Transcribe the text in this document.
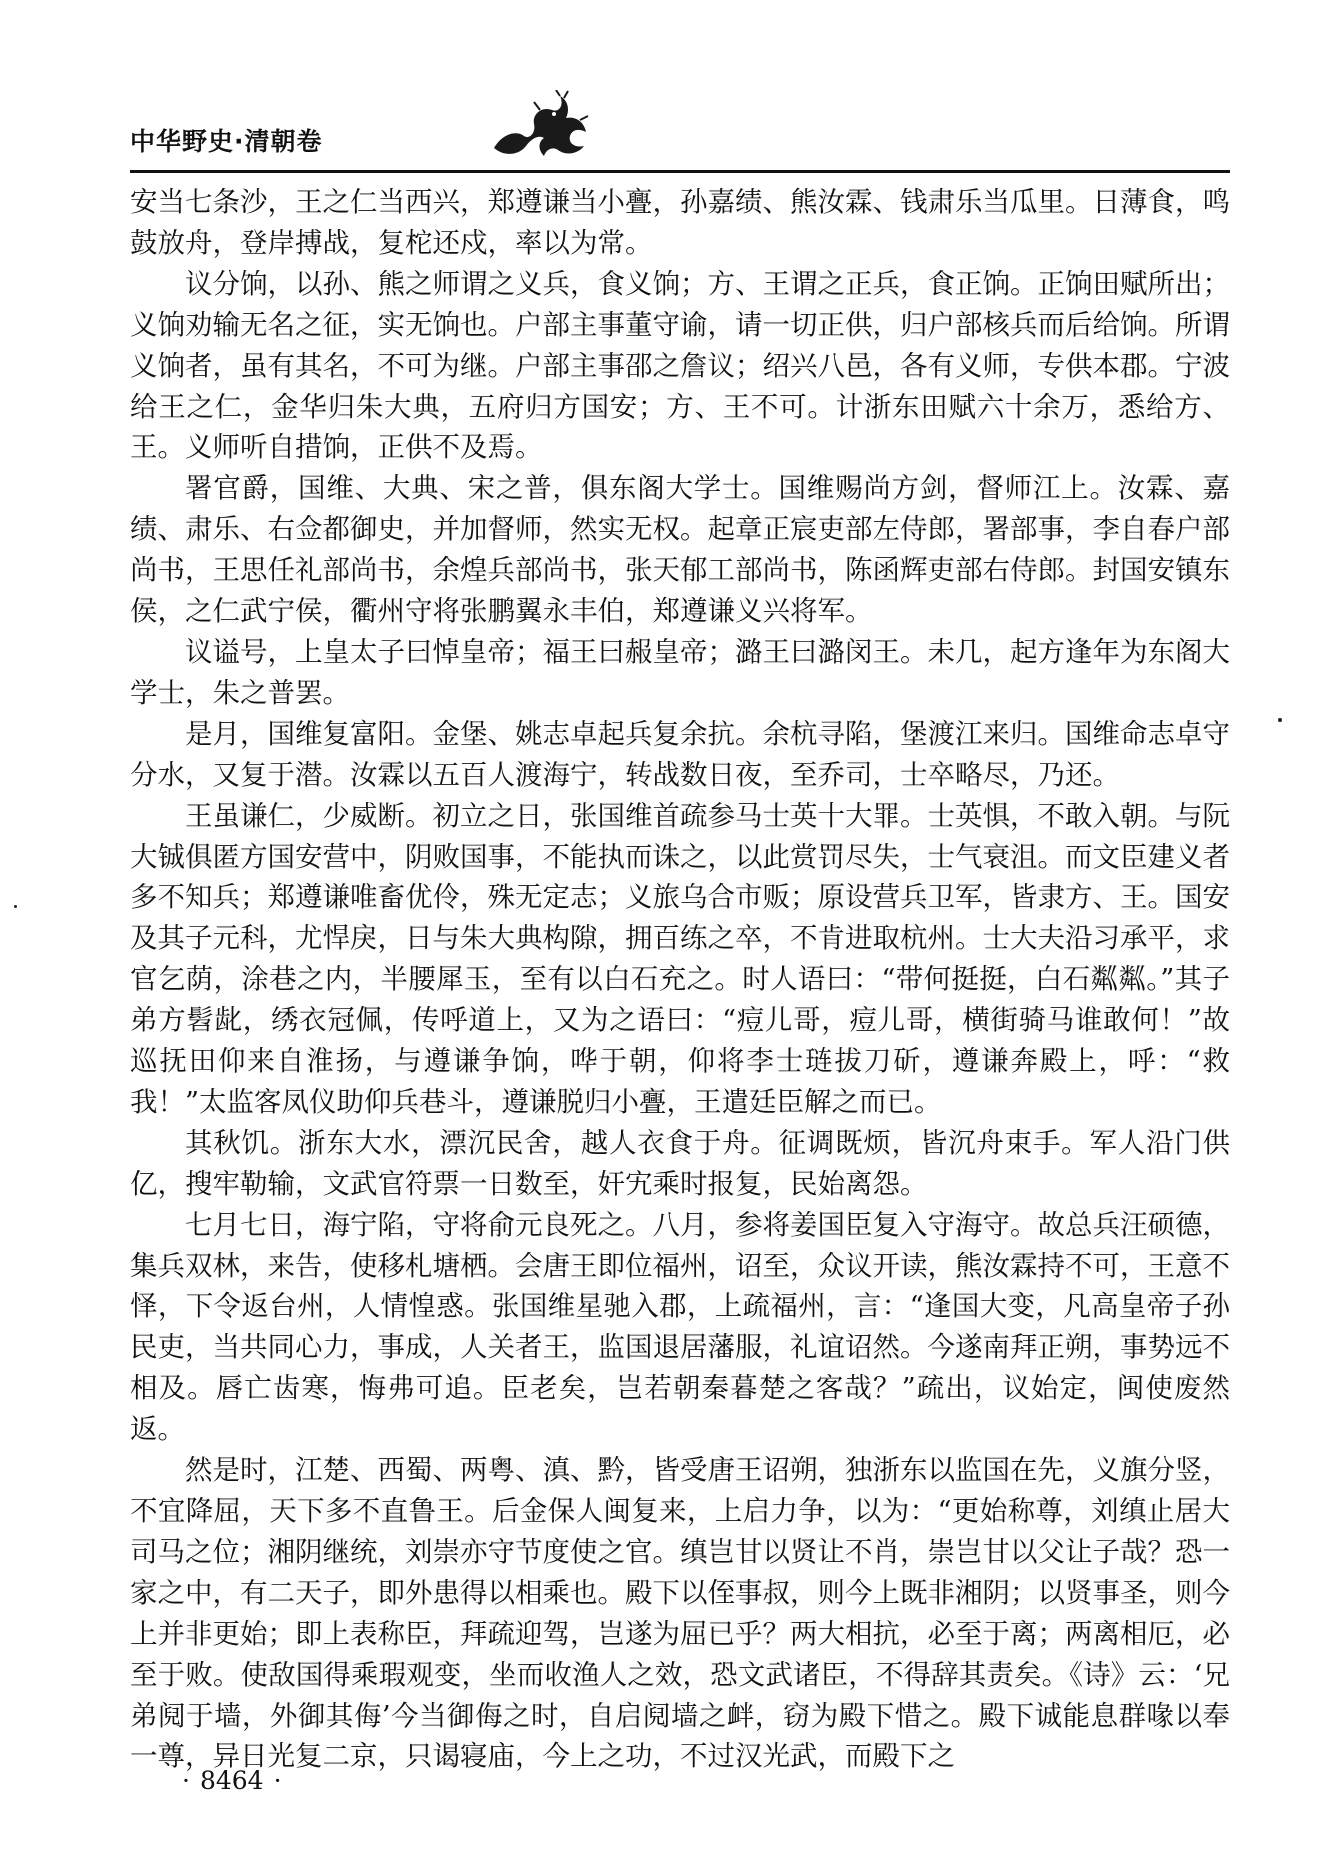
中华野史·清朝卷

安当七条沙，王之仁当西兴，郑遵谦当小亹，孙嘉绩、熊汝霖、钱肃乐当瓜里。日薄食，鸣鼓放舟，登岸搏战，复柁还戍，率以为常。

议分饷，以孙、熊之师谓之义兵，食义饷；方、王谓之正兵，食正饷。正饷田赋所出；义饷劝输无名之征，实无饷也。户部主事董守谕，请一切正供，归户部核兵而后给饷。所谓义饷者，虽有其名，不可为继。户部主事邵之詹议；绍兴八邑，各有义师，专供本郡。宁波给王之仁，金华归朱大典，五府归方国安；方、王不可。计浙东田赋六十余万，悉给方、王。义师听自措饷，正供不及焉。

署官爵，国维、大典、宋之普，俱东阁大学士。国维赐尚方剑，督师江上。汝霖、嘉绩、肃乐、右佥都御史，并加督师，然实无权。起章正宸吏部左侍郎，署部事，李自春户部尚书，王思任礼部尚书，余煌兵部尚书，张天郁工部尚书，陈函辉吏部右侍郎。封国安镇东侯，之仁武宁侯，衢州守将张鹏翼永丰伯，郑遵谦义兴将军。

议谥号，上皇太子曰悼皇帝；福王曰赧皇帝；潞王曰潞闵王。未几，起方逢年为东阁大学士，朱之普罢。

是月，国维复富阳。金堡、姚志卓起兵复余抗。余杭寻陷，堡渡江来归。国维命志卓守分水，又复于潜。汝霖以五百人渡海宁，转战数日夜，至乔司，士卒略尽，乃还。

王虽谦仁，少威断。初立之日，张国维首疏参马士英十大罪。士英惧，不敢入朝。与阮大铖俱匿方国安营中，阴败国事，不能执而诛之，以此赏罚尽失，士气衰沮。而文臣建义者多不知兵；郑遵谦唯畜优伶，殊无定志；义旅乌合市贩；原设营兵卫军，皆隶方、王。国安及其子元科，尤悍戾，日与朱大典构隙，拥百练之卒，不肯进取杭州。士大夫沿习承平，求官乞荫，涂巷之内，半腰犀玉，至有以白石充之。时人语曰：“带何挺挺，白石粼粼。”其子弟方髫龀，绣衣冠佩，传呼道上，又为之语曰：“痘儿哥，痘儿哥，横街骑马谁敢何！”故巡抚田仰来自淮扬，与遵谦争饷，哗于朝，仰将李士琏拔刀斫，遵谦奔殿上，呼：“救我！”太监客凤仪助仰兵巷斗，遵谦脱归小亹，王遣廷臣解之而已。

其秋饥。浙东大水，漂沉民舍，越人衣食于舟。征调既烦，皆沉舟束手。军人沿门供亿，搜牢勒输，文武官符票一日数至，奸宄乘时报复，民始离怨。

七月七日，海宁陷，守将俞元良死之。八月，参将姜国臣复入守海守。故总兵汪硕德，集兵双林，来告，使移札塘栖。会唐王即位福州，诏至，众议开读，熊汝霖持不可，王意不怿，下令返台州，人情惶惑。张国维星驰入郡，上疏福州，言：“逢国大变，凡高皇帝子孙民吏，当共同心力，事成，人关者王，监国退居藩服，礼谊诏然。今遂南拜正朔，事势远不相及。唇亡齿寒，悔弗可追。臣老矣，岂若朝秦暮楚之客哉？”疏出，议始定，闽使废然返。

然是时，江楚、西蜀、两粤、滇、黔，皆受唐王诏朔，独浙东以监国在先，义旗分竖，不宜降屈，天下多不直鲁王。后金保人闽复来，上启力争，以为：“更始称尊，刘缜止居大司马之位；湘阴继统，刘崇亦守节度使之官。缜岂甘以贤让不肖，崇岂甘以父让子哉？恐一家之中，有二天子，即外患得以相乘也。殿下以侄事叔，则今上既非湘阴；以贤事圣，则今上并非更始；即上表称臣，拜疏迎驾，岂遂为屈已乎？两大相抗，必至于离；两离相厄，必至于败。使敌国得乘瑕观变，坐而收渔人之效，恐文武诸臣，不得辞其责矣。《诗》云：‘兄弟阋于墙，外御其侮’今当御侮之时，自启阋墙之衅，窃为殿下惜之。殿下诚能息群喙以奉一尊，异日光复二京，只谒寝庙，今上之功，不过汉光武，而殿下之

· 8464 ·
